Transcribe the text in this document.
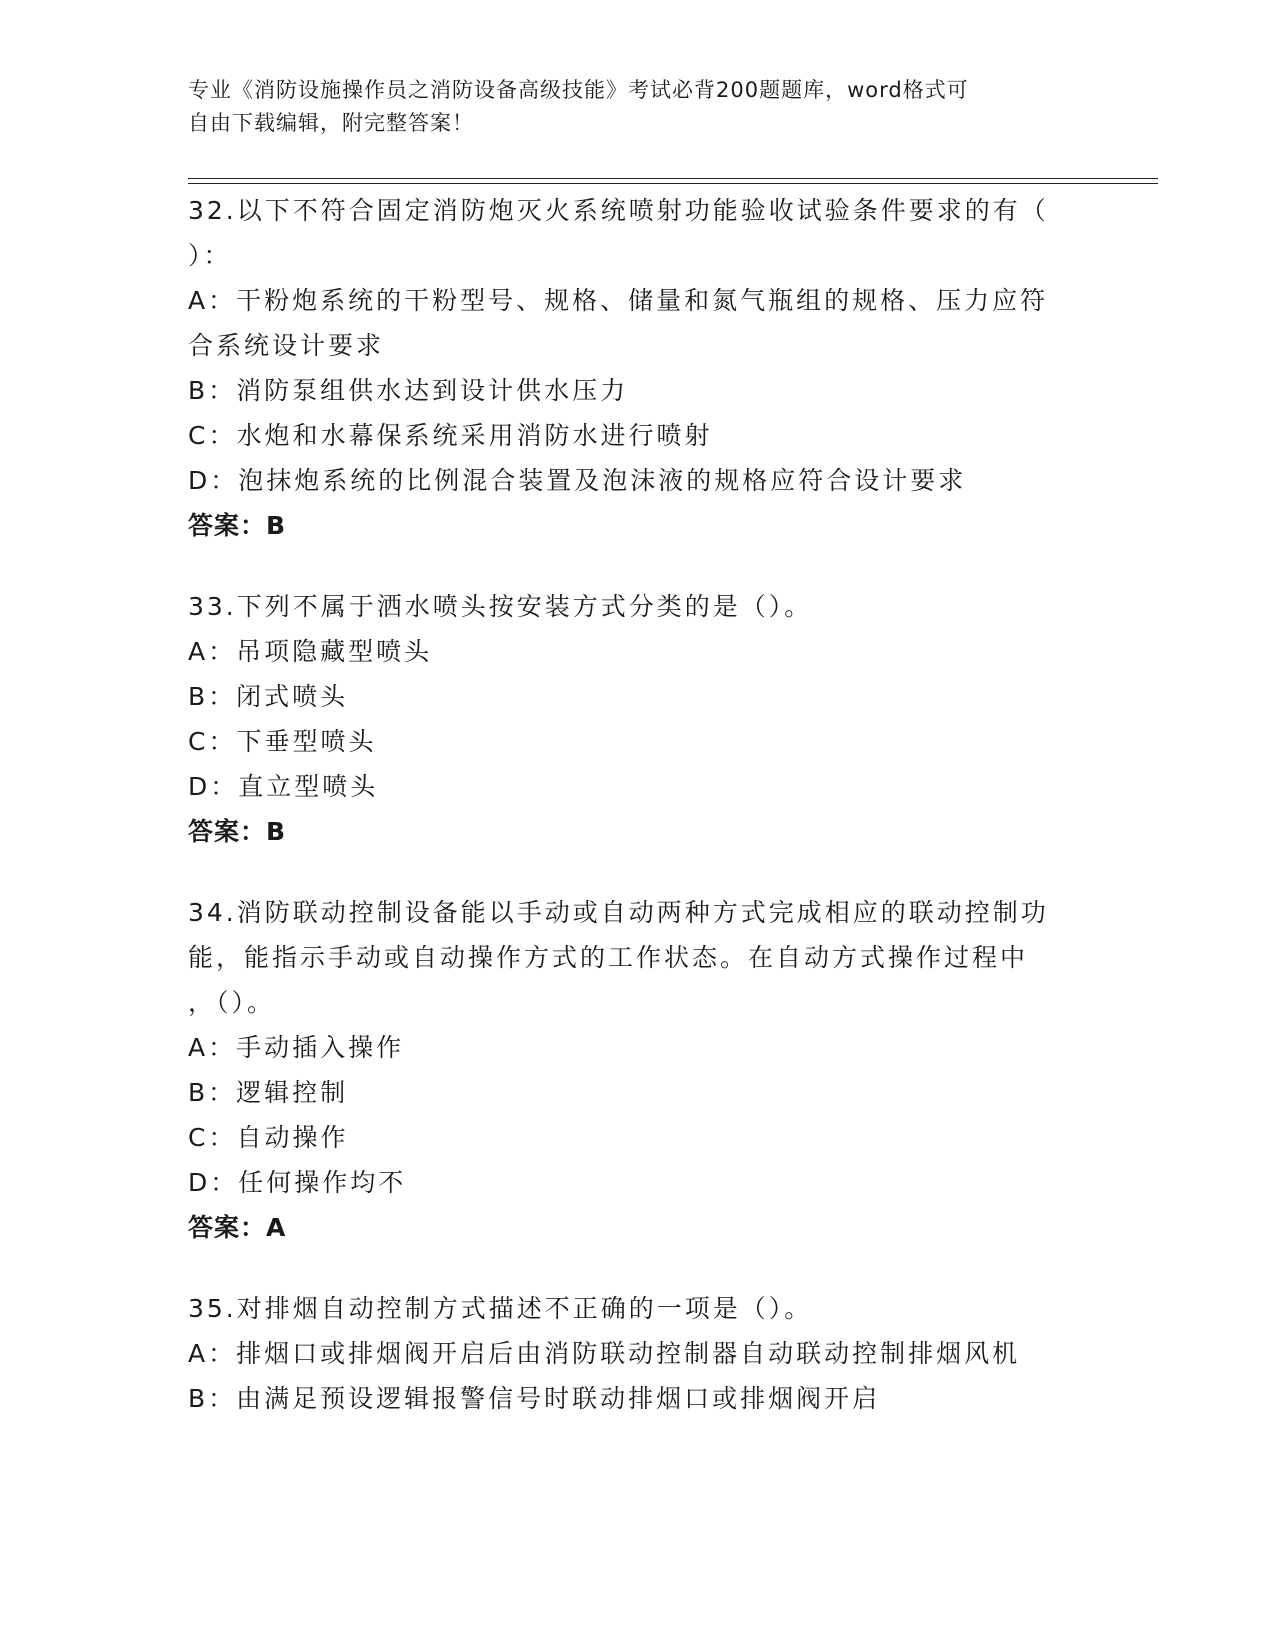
专业《消防设施操作员之消防设备高级技能》考试必背200题题库，word格式可
自由下载编辑，附完整答案！
32.以下不符合固定消防炮灭火系统喷射功能验收试验条件要求的有（
）：
A：干粉炮系统的干粉型号、规格、储量和氮气瓶组的规格、压力应符
合系统设计要求
B：消防泵组供水达到设计供水压力
C：水炮和水幕保系统采用消防水进行喷射
D：泡抹炮系统的比例混合装置及泡沫液的规格应符合设计要求
答案：B
33.下列不属于洒水喷头按安装方式分类的是（）。
A：吊项隐藏型喷头
B：闭式喷头
C：下垂型喷头
D：直立型喷头
答案：B
34.消防联动控制设备能以手动或自动两种方式完成相应的联动控制功
能，能指示手动或自动操作方式的工作状态。在自动方式操作过程中
，（）。
A：手动插入操作
B：逻辑控制
C：自动操作
D：任何操作均不
答案：A
35.对排烟自动控制方式描述不正确的一项是（）。
A：排烟口或排烟阀开启后由消防联动控制器自动联动控制排烟风机
B：由满足预设逻辑报警信号时联动排烟口或排烟阀开启
